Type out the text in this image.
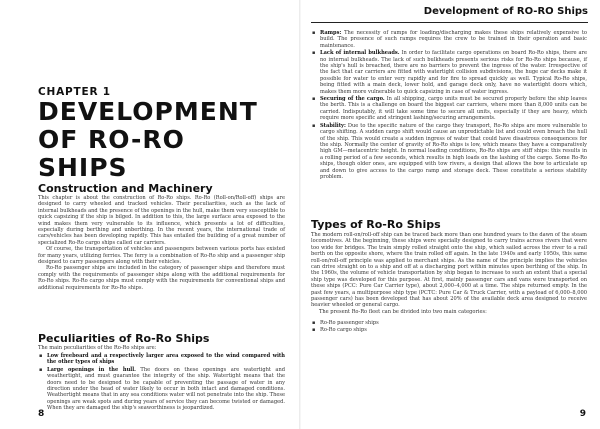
CHAPTER 1
DEVELOPMENT OF RO-RO SHIPS
Construction and Machinery

This chapter is about the construction of Ro-Ro ships. Ro-Ro (Roll-on/Roll-off) ships are designed to carry wheeled and tracked vehicles. Their peculiarities, such as the lack of internal bulkheads and the presence of the openings in the hull, make them very susceptible to quick capsizing if the ship is bilged. In addition to this, the large surface area exposed to the wind makes them very vulnerable to its influence, which presents a lot of difficulties, especially during berthing and unberthing. In the recent years, the international trade of cars/vehicles has been developing rapidly. This has entailed the building of a great number of specialized Ro-Ro cargo ships called car carriers.

Of course, the transportation of vehicles and passengers between various ports has existed for many years, utilizing ferries. The ferry is a combination of Ro-Ro ship and a passenger ship designed to carry passengers along with their vehicles.

Ro-Ro passenger ships are included in the category of passenger ships and therefore must comply with the requirements of passenger ships along with the additional requirements for Ro-Ro ships. Ro-Ro cargo ships must comply with the requirements for conventional ships and additional requirements for Ro-Ro ships.

Peculiarities of Ro-Ro Ships
The main peculiarities of the Ro-Ro ships are:
▪ Low freeboard and a respectively larger area exposed to the wind compared with the other types of ships
▪ Large openings in the hull. The doors on these openings are watertight and weathertight, and must guarantee the integrity of the ship. Watertight means that the doors need to be designed to be capable of preventing the passage of water in any direction under the head of water likely to occur in both intact and damaged conditions. Weathertight means that in any sea conditions water will not penetrate into the ship. These openings are weak spots and during years of service they can become twisted or damaged. When they are damaged the ship's seaworthiness is jeopardized.
8
Development of RO-RO Ships
▪ Ramps: The necessity of ramps for loading/discharging makes these ships relatively expensive to build. The presence of such ramps requires the crew to be trained in their operation and basic maintenance.
▪ Lack of internal bulkheads. In order to facilitate cargo operations on board Ro-Ro ships, there are no internal bulkheads. The lack of such bulkheads presents serious risks for Ro-Ro ships because, if the ship's hull is breached, there are no barriers to prevent the ingress of the water. Irrespective of the fact that car carriers are fitted with watertight collision subdivisions, the huge car decks make it possible for water to enter very rapidly and for fire to spread quickly as well. Typical Ro-Ro ships, being fitted with a main deck, lower hold, and garage deck only, have no watertight doors which, makes them more vulnerable to quick capsizing in case of water ingress.
▪ Securing of the cargo. In all shipping, cargo units must be secured properly before the ship leaves the berth. This is a challenge on board the biggest car carriers, where more than 8,000 units can be carried. Indisputably, it will take some time to secure all units, especially if they are heavy, which require more specific and stringent lashing/securing arrangements.
▪ Stability: Due to the specific nature of the cargo they transport, Ro-Ro ships are more vulnerable to cargo shifting. A sudden cargo shift would cause an unpredictable list and could even breach the hull of the ship. This would create a sudden ingress of water that could have disastrous consequences for the ship. Normally the center of gravity of Ro-Ro ships is low, which means they have a comparatively high GM—metacentric height. In normal loading conditions, Ro-Ro ships are stiff ships: this results in a rolling period of a few seconds, which results in high loads on the lashing of the cargo. Some Ro-Ro ships, though older ones, are equipped with tow rivers, a design that allows the bow to articulate up and down to give access to the cargo ramp and storage deck. These constitute a serious stability problem.
Types of Ro-Ro Ships

The modern roll-on/roll-off ship can be traced back more than one hundred years to the dawn of the steam locomotives. At the beginning, these ships were specially designed to carry trains across rivers that were too wide for bridges. The train simply rolled straight onto the ship, which sailed across the river to a rail berth on the opposite shore, where the train rolled off again. In the late 1940s and early 1950s, this same roll-on/roll-off principle was applied to merchant ships. As the name of the principle implies the vehicles can drive straight on to a ship and off at a discharging port within minutes upon berthing of the ship. In the 1960s, the volume of vehicle transportation by ship began to increase to such an extent that a special ship type was developed for this purpose. At first, mainly passenger cars and vans were transported on these ships (PCC: Pure Car Carrier type), about 2,000–4,000 at a time. The ships returned empty. In the past few years, a multipurpose ship type (PCTC: Pure Car & Truck Carrier, with a payload of 6,000–8,000 passenger cars) has been developed that has about 20% of the available deck area designed to receive heavier wheeled or general cargo.

The present Ro-Ro fleet can be divided into two main categories:

▪ Ro-Ro passenger ships
▪ Ro-Ro cargo ships
9
